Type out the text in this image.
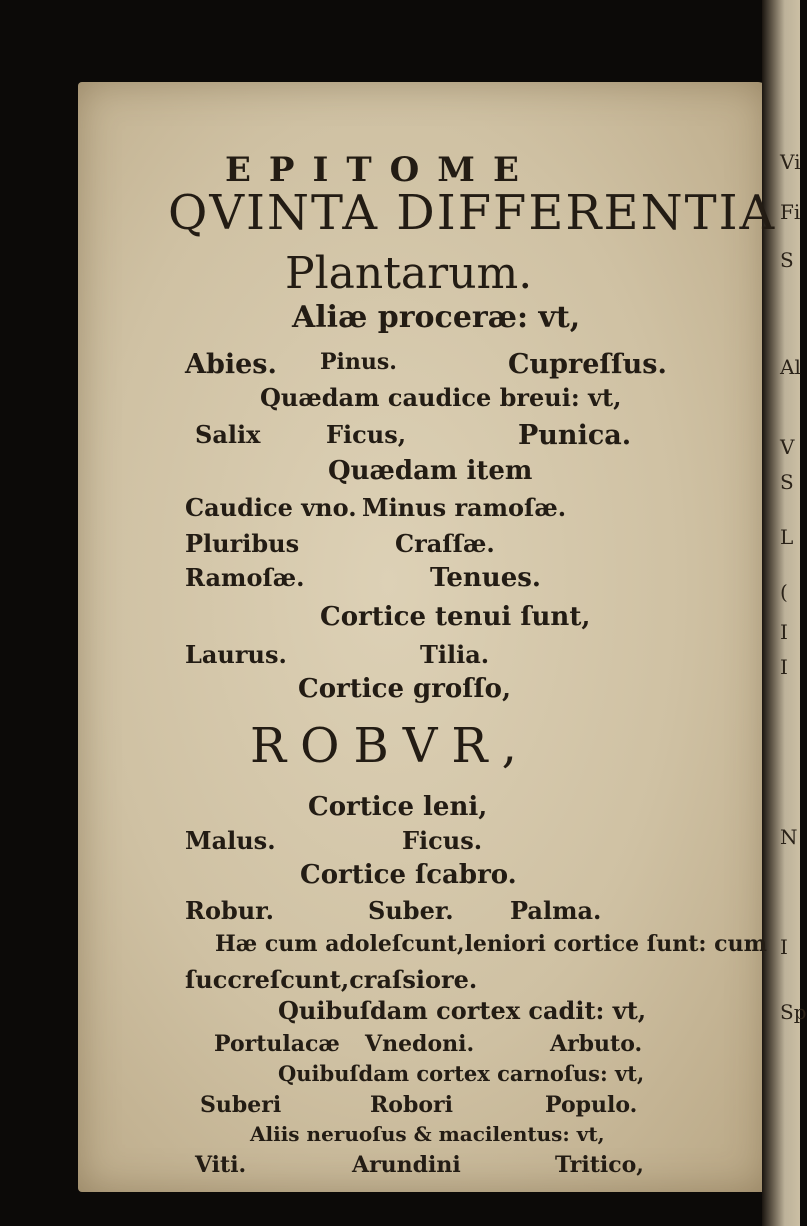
Vi
Fi
S
Al
V
S
L
(
I
I
N
I
Sp
EPITOME
QVINTA DIFFERENTIA
Plantarum.
Aliæ proceræ: vt,
Abies. Pinus.	Cupreſſus.
Quædam caudice breui: vt,
Salix	Ficus,	Punica.
Quædam item
Caudice vno. Minus ramoſæ.
Pluribus	Craſſæ.
Ramoſæ.	Tenues.
Cortice tenui ſunt,
Laurus.	Tilia.
Cortice groſſo,
ROBVR,
Cortice leni,
Malus.	Ficus.
Cortice ſcabro.
Robur.	Suber. Palma.
Hæ cum adoleſcunt,leniori cortice ſunt: cum
ſuccreſcunt,craſsiore.
Quibuſdam cortex cadit: vt,
Portulacæ Vnedoni.	Arbuto.
Quibuſdam cortex carnoſus: vt,
Suberi	Robori	Populo.
Aliis neruoſus & macilentus: vt,
Viti.	Arundini	Tritico,
